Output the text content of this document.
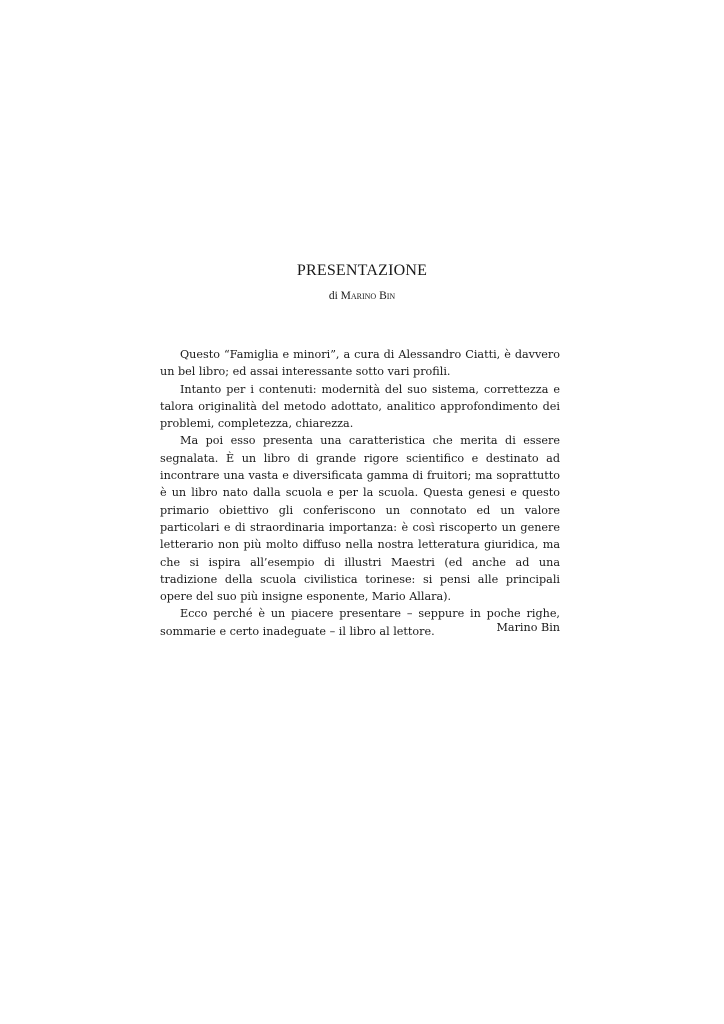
PRESENTAZIONE
di Marino Bin

Questo “Famiglia e minori”, a cura di Alessandro Ciatti, è davvero un bel libro; ed assai interessante sotto vari profili.

Intanto per i contenuti: modernità del suo sistema, correttezza e talora originalità del metodo adottato, analitico approfondimento dei problemi, completezza, chiarezza.

Ma poi esso presenta una caratteristica che merita di essere segnalata. È un libro di grande rigore scientifico e destinato ad incontrare una vasta e diversificata gamma di fruitori; ma soprattutto è un libro nato dalla scuola e per la scuola. Questa genesi e questo primario obiettivo gli conferiscono un connotato ed un valore particolari e di straordinaria importanza: è così riscoperto un genere letterario non più molto diffuso nella nostra letteratura giuridica, ma che si ispira all’esempio di illustri Maestri (ed anche ad una tradizione della scuola civilistica torinese: si pensi alle principali opere del suo più insigne esponente, Mario Allara).

Ecco perché è un piacere presentare – seppure in poche righe, sommarie e certo inadeguate – il libro al lettore.	Marino Bin
